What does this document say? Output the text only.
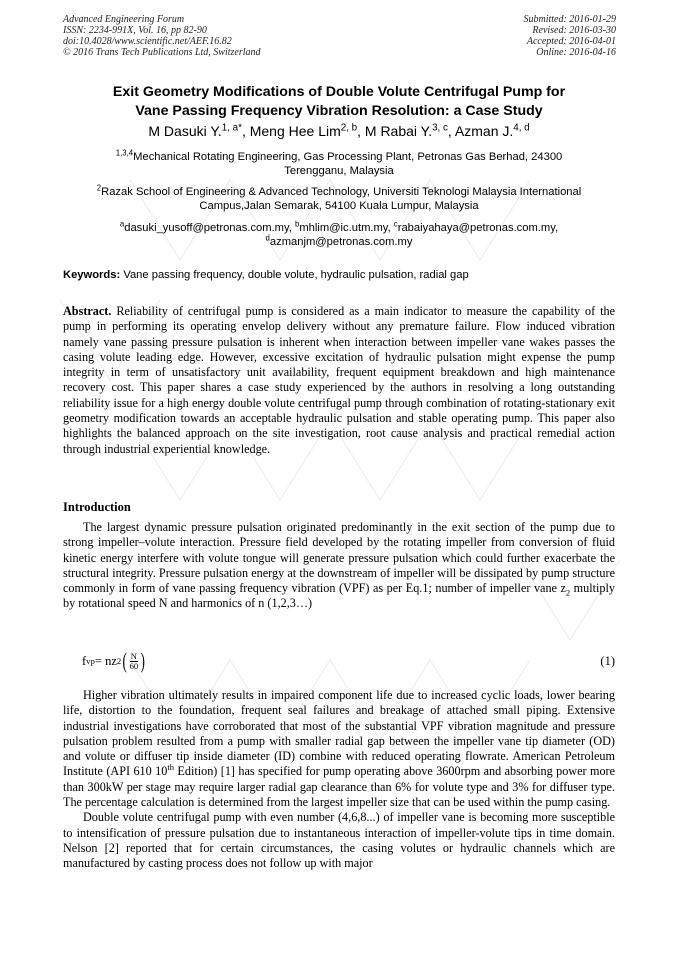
Advanced Engineering Forum
ISSN: 2234-991X, Vol. 16, pp 82-90
doi:10.4028/www.scientific.net/AEF.16.82
© 2016 Trans Tech Publications Ltd, Switzerland
Submitted: 2016-01-29
Revised: 2016-03-30
Accepted: 2016-04-01
Online: 2016-04-16
Exit Geometry Modifications of Double Volute Centrifugal Pump for
Vane Passing Frequency Vibration Resolution: a Case Study
M Dasuki Y.$^{1, a*}$, Meng Hee Lim$^{2, b}$, M Rabai Y.$^{3, c}$, Azman J.$^{4, d}$
$^{1,3,4}$Mechanical Rotating Engineering, Gas Processing Plant, Petronas Gas Berhad, 24300
Terengganu, Malaysia
$^2$Razak School of Engineering & Advanced Technology, Universiti Teknologi Malaysia International
Campus,Jalan Semarak, 54100 Kuala Lumpur, Malaysia
$^a$dasuki_yusoff@petronas.com.my, $^b$mhlim@ic.utm.my, $^c$rabaiyahaya@petronas.com.my,
$^d$azmanjm@petronas.com.my
Keywords: Vane passing frequency, double volute, hydraulic pulsation, radial gap

Abstract. Reliability of centrifugal pump is considered as a main indicator to measure the capability of the pump in performing its operating envelop delivery without any premature failure. Flow induced vibration namely vane passing pressure pulsation is inherent when interaction between impeller vane wakes passes the casing volute leading edge. However, excessive excitation of hydraulic pulsation might expense the pump integrity in term of unsatisfactory unit availability, frequent equipment breakdown and high maintenance recovery cost. This paper shares a case study experienced by the authors in resolving a long outstanding reliability issue for a high energy double volute centrifugal pump through combination of rotating-stationary exit geometry modification towards an acceptable hydraulic pulsation and stable operating pump. This paper also highlights the balanced approach on the site investigation, root cause analysis and practical remedial action through industrial experiential knowledge.

Introduction

The largest dynamic pressure pulsation originated predominantly in the exit section of the pump due to strong impeller–volute interaction. Pressure field developed by the rotating impeller from conversion of fluid kinetic energy interfere with volute tongue will generate pressure pulsation which could further exacerbate the structural integrity. Pressure pulsation energy at the downstream of impeller will be dissipated by pump structure commonly in form of vane passing frequency vibration (VPF) as per Eq.1; number of impeller vane $z_2$ multiply by rotational speed N and harmonics of n (1,2,3…)

f vp = nz 2 ( $\frac{N}{60}$ )	(1)

Higher vibration ultimately results in impaired component life due to increased cyclic loads, lower bearing life, distortion to the foundation, frequent seal failures and breakage of attached small piping. Extensive industrial investigations have corroborated that most of the substantial VPF vibration magnitude and pressure pulsation problem resulted from a pump with smaller radial gap between the impeller vane tip diameter (OD) and volute or diffuser tip inside diameter (ID) combine with reduced operating flowrate. American Petroleum Institute (API 610 10th Edition) [1] has specified for pump operating above 3600rpm and absorbing power more than 300kW per stage may require larger radial gap clearance than 6% for volute type and 3% for diffuser type. The percentage calculation is determined from the largest impeller size that can be used within the pump casing.

Double volute centrifugal pump with even number (4,6,8...) of impeller vane is becoming more susceptible to intensification of pressure pulsation due to instantaneous interaction of impeller-volute tips in time domain. Nelson [2] reported that for certain circumstances, the casing volutes or hydraulic channels which are manufactured by casting process does not follow up with major
